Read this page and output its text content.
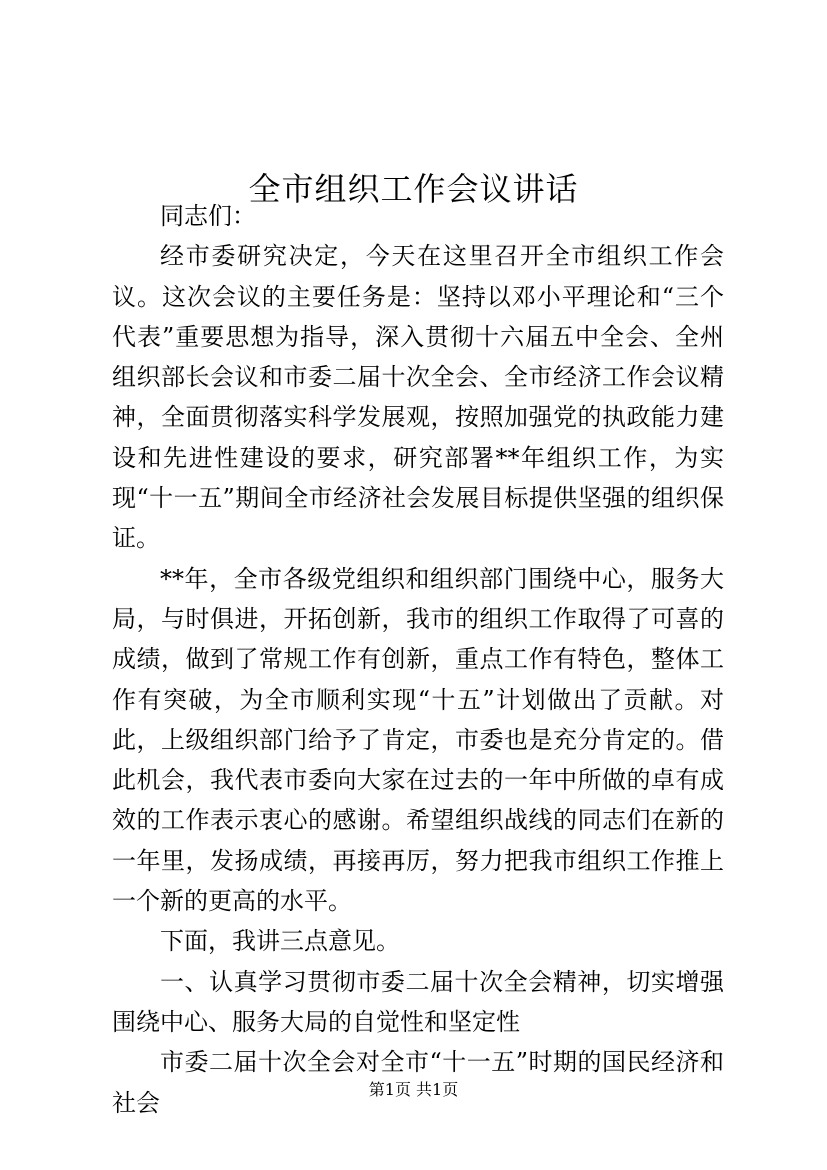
全市组织工作会议讲话

同志们：

经市委研究决定，今天在这里召开全市组织工作会议。这次会议的主要任务是：坚持以邓小平理论和“三个代表”重要思想为指导，深入贯彻十六届五中全会、全州组织部长会议和市委二届十次全会、全市经济工作会议精神，全面贯彻落实科学发展观，按照加强党的执政能力建设和先进性建设的要求，研究部署**年组织工作，为实现“十一五”期间全市经济社会发展目标提供坚强的组织保证。

**年，全市各级党组织和组织部门围绕中心，服务大局，与时俱进，开拓创新，我市的组织工作取得了可喜的成绩，做到了常规工作有创新，重点工作有特色，整体工作有突破，为全市顺利实现“十五”计划做出了贡献。对此，上级组织部门给予了肯定，市委也是充分肯定的。借此机会，我代表市委向大家在过去的一年中所做的卓有成效的工作表示衷心的感谢。希望组织战线的同志们在新的一年里，发扬成绩，再接再厉，努力把我市组织工作推上一个新的更高的水平。

下面，我讲三点意见。

一、认真学习贯彻市委二届十次全会精神，切实增强围绕中心、服务大局的自觉性和坚定性

市委二届十次全会对全市“十一五”时期的国民经济和社会	第1页 共1页
